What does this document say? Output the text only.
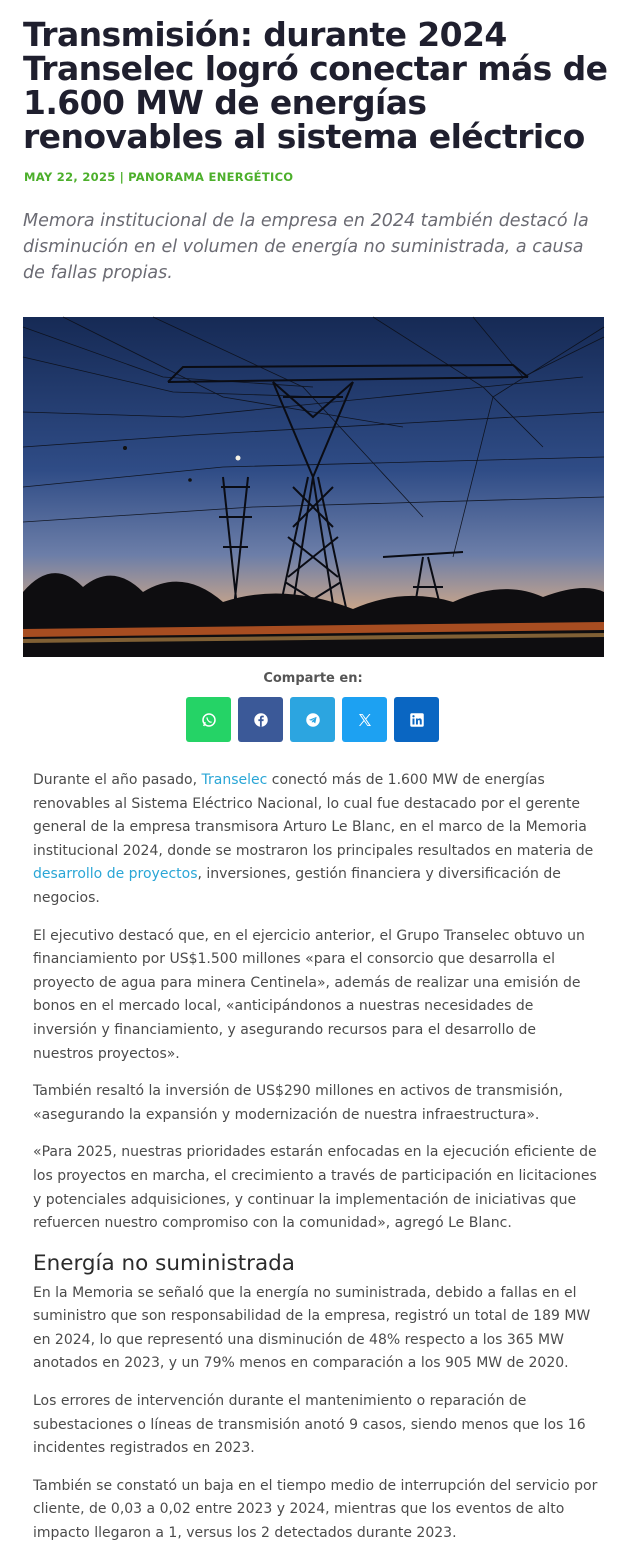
Transmisión: durante 2024 Transelec logró conectar más de 1.600 MW de energías renovables al sistema eléctrico
MAY 22, 2025 | PANORAMA ENERGÉTICO

Memora institucional de la empresa en 2024 también destacó la disminución en el volumen de energía no suministrada, a causa de fallas propias.

Comparte en:

Durante el año pasado, Transelec conectó más de 1.600 MW de energías renovables al Sistema Eléctrico Nacional, lo cual fue destacado por el gerente general de la empresa transmisora Arturo Le Blanc, en el marco de la Memoria institucional 2024, donde se mostraron los principales resultados en materia de desarrollo de proyectos, inversiones, gestión financiera y diversificación de negocios.

El ejecutivo destacó que, en el ejercicio anterior, el Grupo Transelec obtuvo un financiamiento por US$1.500 millones «para el consorcio que desarrolla el proyecto de agua para minera Centinela», además de realizar una emisión de bonos en el mercado local, «anticipándonos a nuestras necesidades de inversión y financiamiento, y asegurando recursos para el desarrollo de nuestros proyectos».

También resaltó la inversión de US$290 millones en activos de transmisión, «asegurando la expansión y modernización de nuestra infraestructura».

«Para 2025, nuestras prioridades estarán enfocadas en la ejecución eficiente de los proyectos en marcha, el crecimiento a través de participación en licitaciones y potenciales adquisiciones, y continuar la implementación de iniciativas que refuercen nuestro compromiso con la comunidad», agregó Le Blanc.

Energía no suministrada

En la Memoria se señaló que la energía no suministrada, debido a fallas en el suministro que son responsabilidad de la empresa, registró un total de 189 MW en 2024, lo que representó una disminución de 48% respecto a los 365 MW anotados en 2023, y un 79% menos en comparación a los 905 MW de 2020.

Los errores de intervención durante el mantenimiento o reparación de subestaciones o líneas de transmisión anotó 9 casos, siendo menos que los 16 incidentes registrados en 2023.

También se constató un baja en el tiempo medio de interrupción del servicio por cliente, de 0,03 a 0,02 entre 2023 y 2024, mientras que los eventos de alto impacto llegaron a 1, versus los 2 detectados durante 2023.
